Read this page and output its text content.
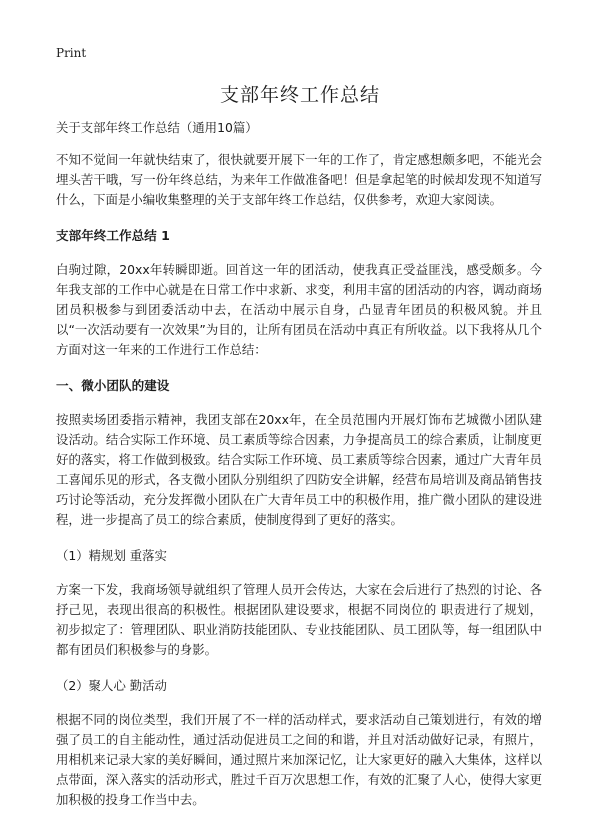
Print
支部年终工作总结

关于支部年终工作总结（通用10篇）

不知不觉间一年就快结束了，很快就要开展下一年的工作了，肯定感想颇多吧，不能光会埋头苦干哦，写一份年终总结，为来年工作做准备吧！但是拿起笔的时候却发现不知道写什么，下面是小编收集整理的关于支部年终工作总结，仅供参考，欢迎大家阅读。

支部年终工作总结 1

白驹过隙，20xx年转瞬即逝。回首这一年的团活动，使我真正受益匪浅，感受颇多。今年我支部的工作中心就是在日常工作中求新、求变，利用丰富的团活动的内容，调动商场团员积极参与到团委活动中去，在活动中展示自身，凸显青年团员的积极风貌。并且以“一次活动要有一次效果”为目的，让所有团员在活动中真正有所收益。以下我将从几个方面对这一年来的工作进行工作总结：

一、微小团队的建设

按照卖场团委指示精神，我团支部在20xx年，在全员范围内开展灯饰布艺城微小团队建设活动。结合实际工作环境、员工素质等综合因素，力争提高员工的综合素质，让制度更好的落实，将工作做到极致。结合实际工作环境、员工素质等综合因素，通过广大青年员工喜闻乐见的形式，各支微小团队分别组织了四防安全讲解，经营布局培训及商品销售技巧讨论等活动，充分发挥微小团队在广大青年员工中的积极作用，推广微小团队的建设进程，进一步提高了员工的综合素质，使制度得到了更好的落实。

（1）精规划 重落实

方案一下发，我商场领导就组织了管理人员开会传达，大家在会后进行了热烈的讨论、各抒己见，表现出很高的积极性。根据团队建设要求，根据不同岗位的 职责进行了规划，初步拟定了：管理团队、职业消防技能团队、专业技能团队、员工团队等，每一组团队中都有团员们积极参与的身影。

（2）聚人心 勤活动

根据不同的岗位类型，我们开展了不一样的活动样式，要求活动自己策划进行，有效的增强了员工的自主能动性，通过活动促进员工之间的和谐，并且对活动做好记录，有照片，用相机来记录大家的美好瞬间，通过照片来加深记忆，让大家更好的融入大集体，这样以点带面，深入落实的活动形式，胜过千百万次思想工作，有效的汇聚了人心，使得大家更加积极的投身工作当中去。
